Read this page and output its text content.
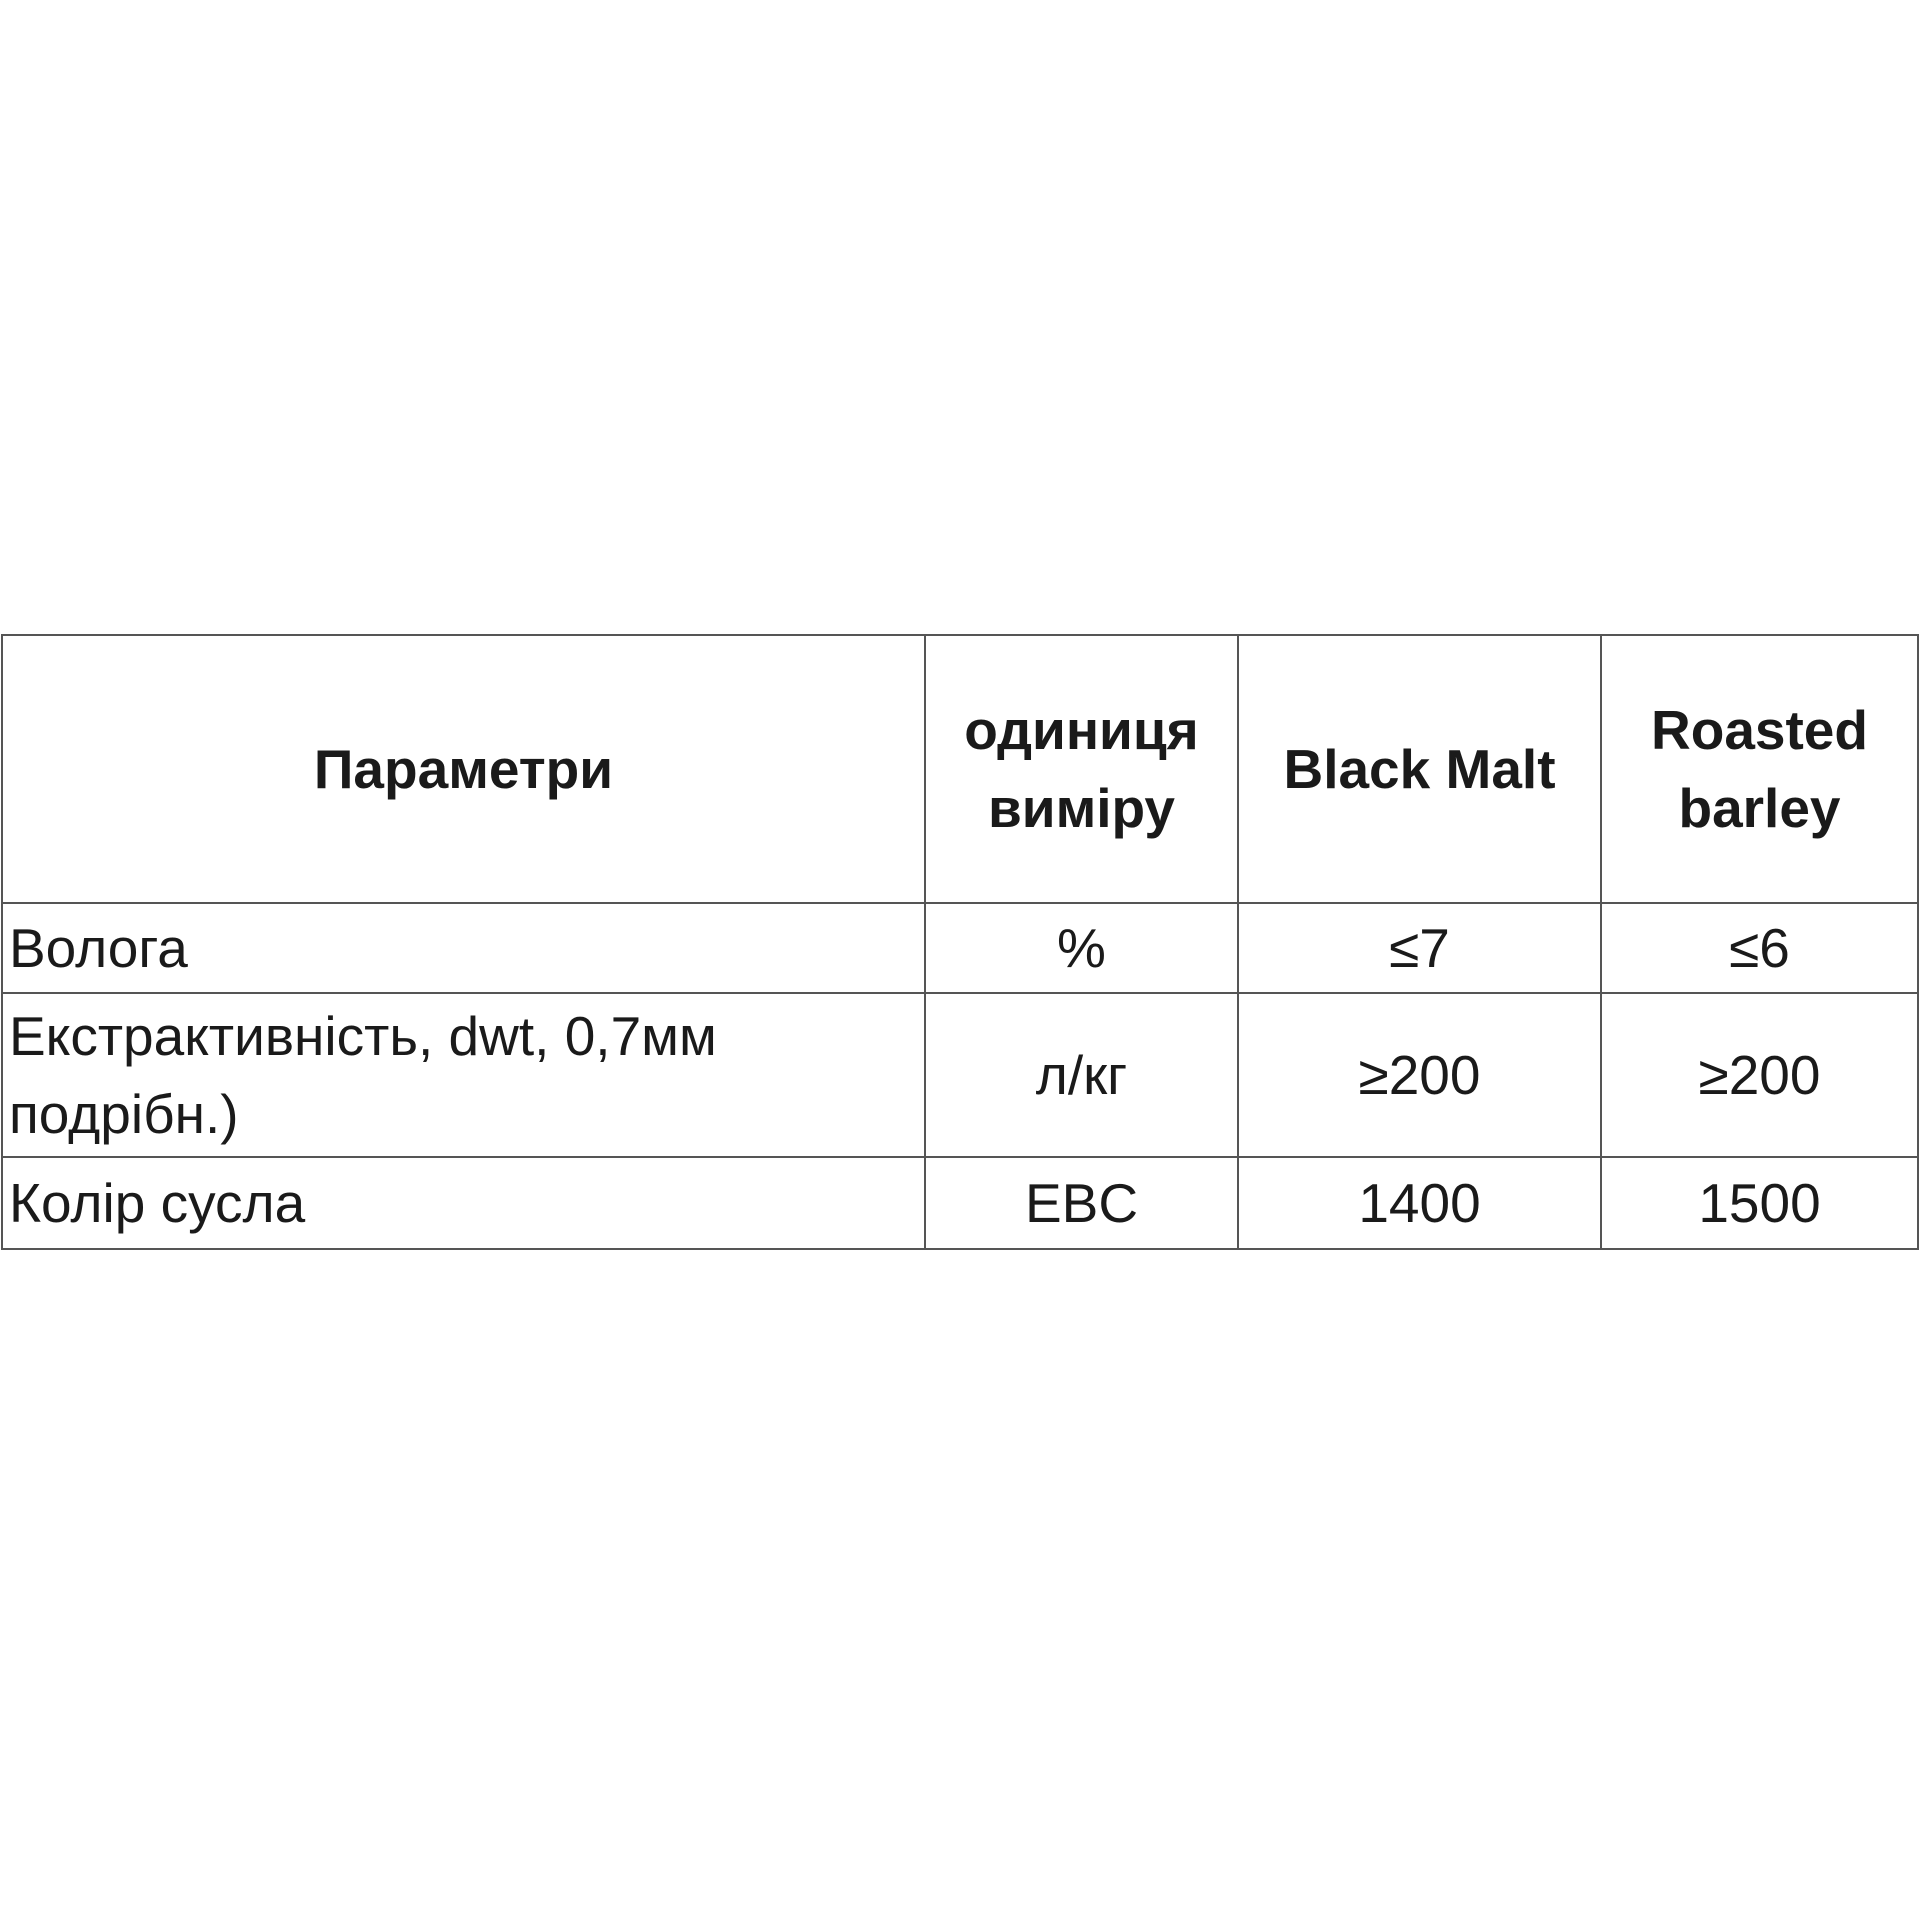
Параметри	одиниця виміру	Black Malt	Roasted barley
Волога	%	≤7	≤6
Екстрактивність, dwt, 0,7мм подрібн.)	л/кг	≥200	≥200
Колір сусла	EBC	1400	1500
